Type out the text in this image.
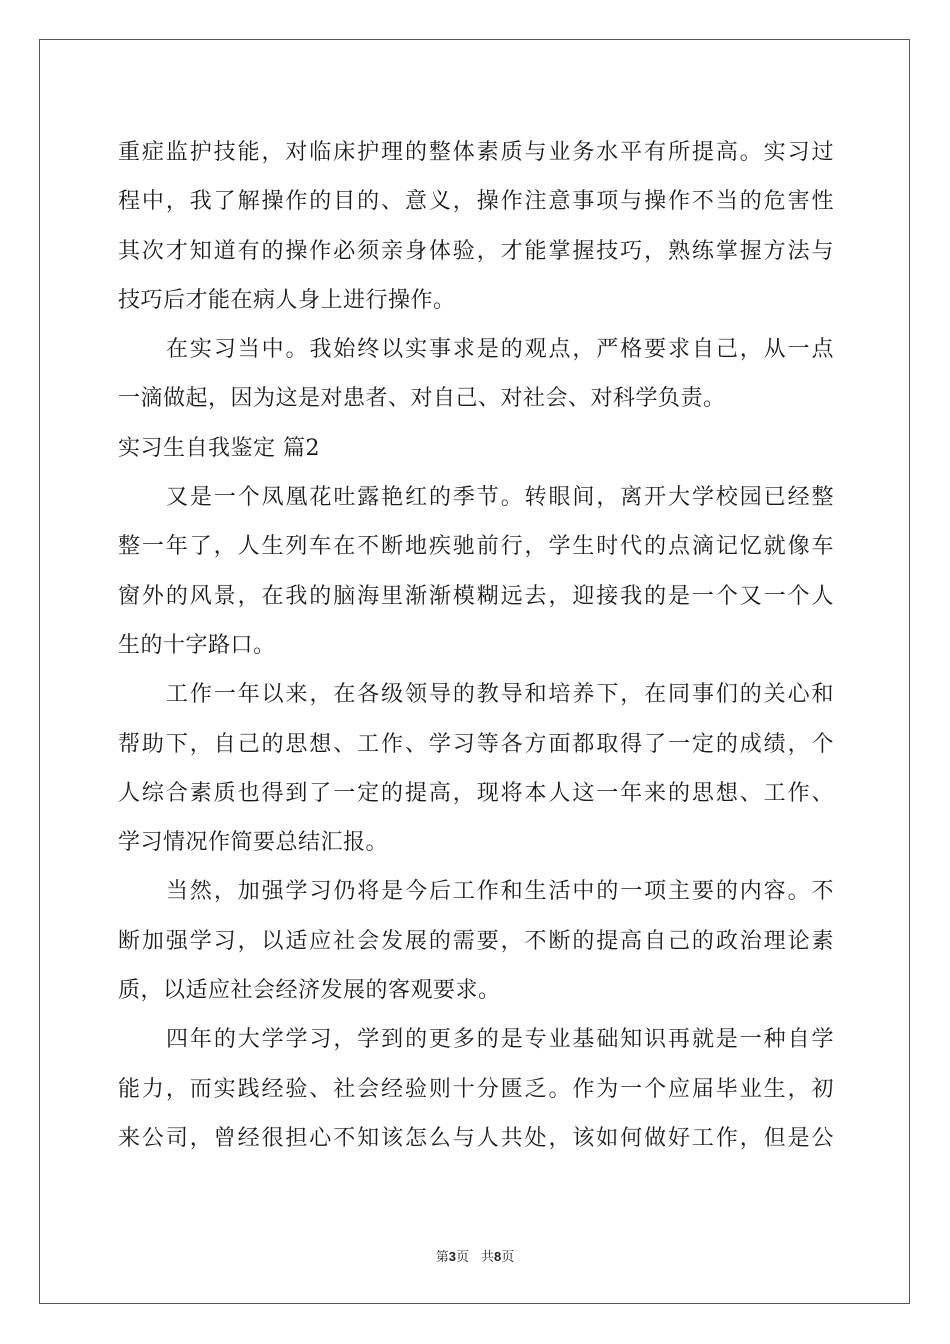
重症监护技能，对临床护理的整体素质与业务水平有所提高。实习过
程中，我了解操作的目的、意义，操作注意事项与操作不当的危害性
其次才知道有的操作必须亲身体验，才能掌握技巧，熟练掌握方法与
技巧后才能在病人身上进行操作。
在实习当中。我始终以实事求是的观点，严格要求自己，从一点
一滴做起，因为这是对患者、对自己、对社会、对科学负责。
实习生自我鉴定 篇2
又是一个凤凰花吐露艳红的季节。转眼间，离开大学校园已经整
整一年了，人生列车在不断地疾驰前行，学生时代的点滴记忆就像车
窗外的风景，在我的脑海里渐渐模糊远去，迎接我的是一个又一个人
生的十字路口。
工作一年以来，在各级领导的教导和培养下，在同事们的关心和
帮助下，自己的思想、工作、学习等各方面都取得了一定的成绩，个
人综合素质也得到了一定的提高，现将本人这一年来的思想、工作、
学习情况作简要总结汇报。
当然，加强学习仍将是今后工作和生活中的一项主要的内容。不
断加强学习，以适应社会发展的需要，不断的提高自己的政治理论素
质，以适应社会经济发展的客观要求。
四年的大学学习，学到的更多的是专业基础知识再就是一种自学
能力，而实践经验、社会经验则十分匮乏。作为一个应届毕业生，初
来公司，曾经很担心不知该怎么与人共处，该如何做好工作，但是公
第3页 共8页
